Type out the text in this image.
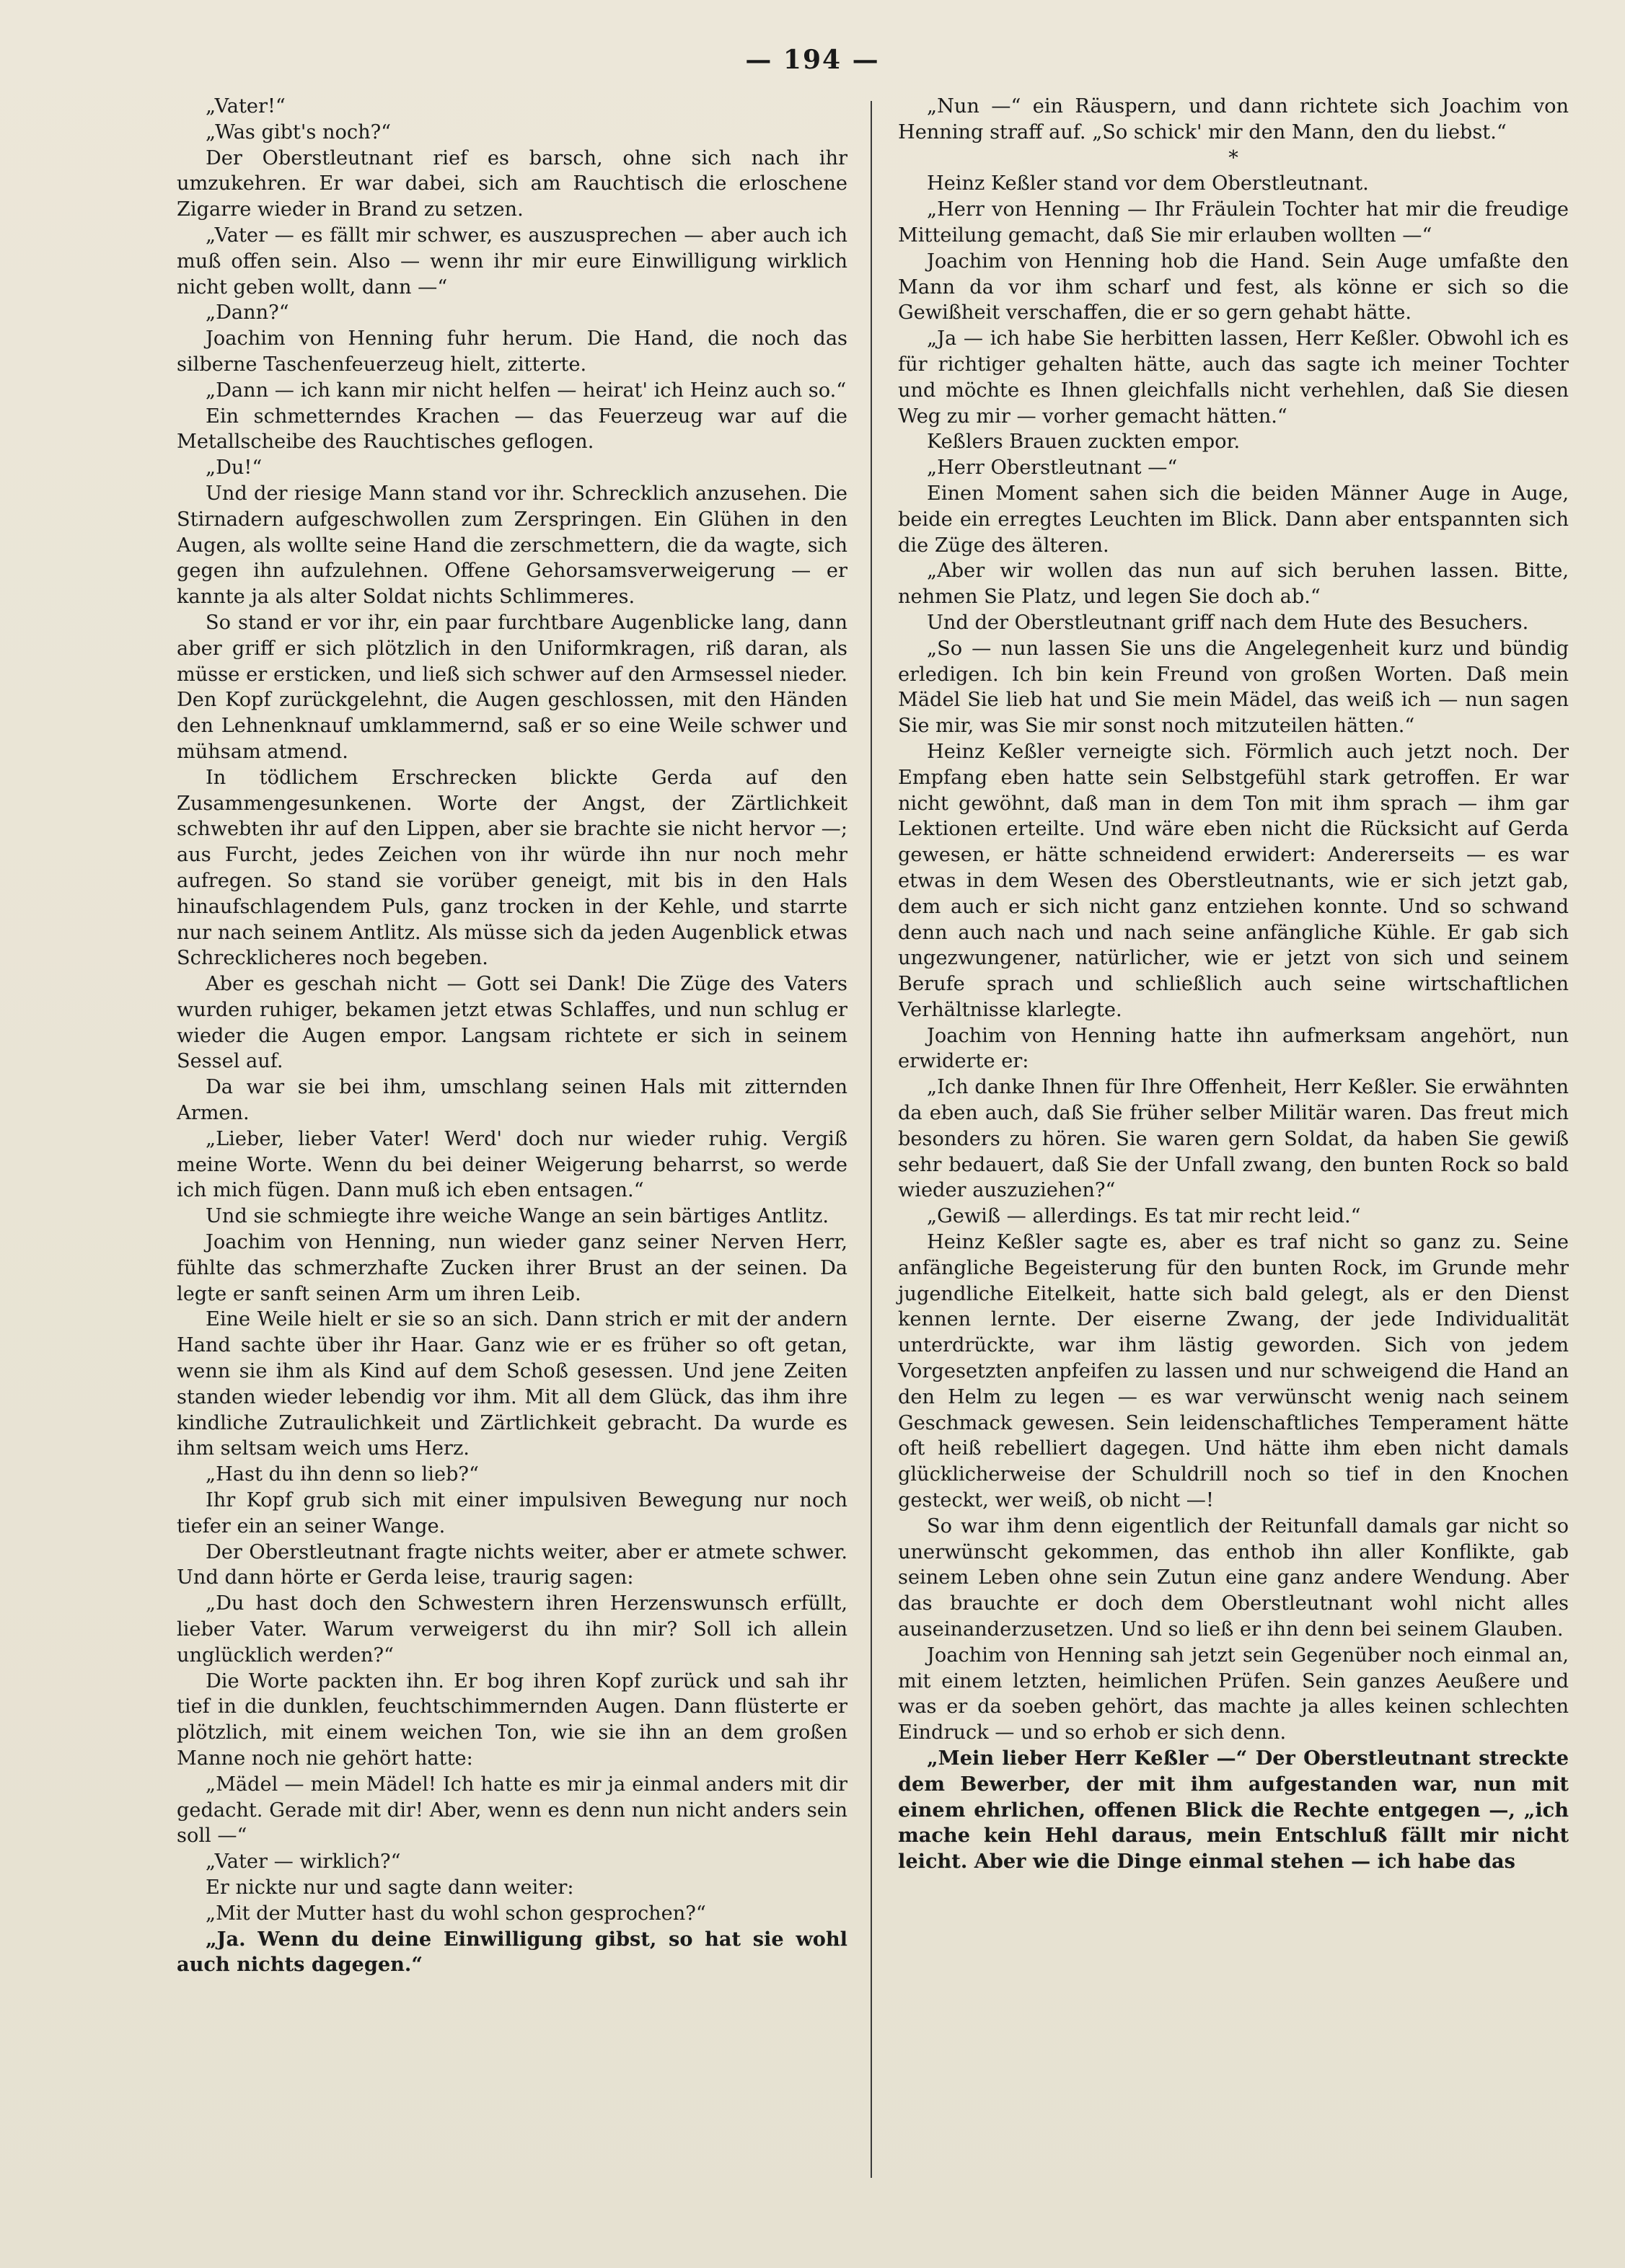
— 194 —

„Vater!“

„Was gibt's noch?“

Der Oberstleutnant rief es barsch, ohne sich nach ihr umzukehren. Er war dabei, sich am Rauchtisch die erloschene Zigarre wieder in Brand zu setzen.

„Vater — es fällt mir schwer, es auszusprechen — aber auch ich muß offen sein. Also — wenn ihr mir eure Einwilligung wirklich nicht geben wollt, dann —“

„Dann?“

Joachim von Henning fuhr herum. Die Hand, die noch das silberne Taschenfeuerzeug hielt, zitterte.

„Dann — ich kann mir nicht helfen — heirat' ich Heinz auch so.“

Ein schmetterndes Krachen — das Feuerzeug war auf die Metallscheibe des Rauchtisches geflogen.

„Du!“

Und der riesige Mann stand vor ihr. Schrecklich anzusehen. Die Stirnadern aufgeschwollen zum Zerspringen. Ein Glühen in den Augen, als wollte seine Hand die zerschmettern, die da wagte, sich gegen ihn aufzulehnen. Offene Gehorsamsverweigerung — er kannte ja als alter Soldat nichts Schlimmeres.

So stand er vor ihr, ein paar furchtbare Augenblicke lang, dann aber griff er sich plötzlich in den Uniformkragen, riß daran, als müsse er ersticken, und ließ sich schwer auf den Armsessel nieder. Den Kopf zurückgelehnt, die Augen geschlossen, mit den Händen den Lehnenknauf umklammernd, saß er so eine Weile schwer und mühsam atmend.

In tödlichem Erschrecken blickte Gerda auf den Zusammengesunkenen. Worte der Angst, der Zärtlichkeit schwebten ihr auf den Lippen, aber sie brachte sie nicht hervor —; aus Furcht, jedes Zeichen von ihr würde ihn nur noch mehr aufregen. So stand sie vorüber geneigt, mit bis in den Hals hinaufschlagendem Puls, ganz trocken in der Kehle, und starrte nur nach seinem Antlitz. Als müsse sich da jeden Augenblick etwas Schrecklicheres noch begeben.

Aber es geschah nicht — Gott sei Dank! Die Züge des Vaters wurden ruhiger, bekamen jetzt etwas Schlaffes, und nun schlug er wieder die Augen empor. Langsam richtete er sich in seinem Sessel auf.

Da war sie bei ihm, umschlang seinen Hals mit zitternden Armen.

„Lieber, lieber Vater! Werd' doch nur wieder ruhig. Vergiß meine Worte. Wenn du bei deiner Weigerung beharrst, so werde ich mich fügen. Dann muß ich eben entsagen.“

Und sie schmiegte ihre weiche Wange an sein bärtiges Antlitz.

Joachim von Henning, nun wieder ganz seiner Nerven Herr, fühlte das schmerzhafte Zucken ihrer Brust an der seinen. Da legte er sanft seinen Arm um ihren Leib.

Eine Weile hielt er sie so an sich. Dann strich er mit der andern Hand sachte über ihr Haar. Ganz wie er es früher so oft getan, wenn sie ihm als Kind auf dem Schoß gesessen. Und jene Zeiten standen wieder lebendig vor ihm. Mit all dem Glück, das ihm ihre kindliche Zutraulichkeit und Zärtlichkeit gebracht. Da wurde es ihm seltsam weich ums Herz.

„Hast du ihn denn so lieb?“

Ihr Kopf grub sich mit einer impulsiven Bewegung nur noch tiefer ein an seiner Wange.

Der Oberstleutnant fragte nichts weiter, aber er atmete schwer. Und dann hörte er Gerda leise, traurig sagen:

„Du hast doch den Schwestern ihren Herzenswunsch erfüllt, lieber Vater. Warum verweigerst du ihn mir? Soll ich allein unglücklich werden?“

Die Worte packten ihn. Er bog ihren Kopf zurück und sah ihr tief in die dunklen, feuchtschimmernden Augen. Dann flüsterte er plötzlich, mit einem weichen Ton, wie sie ihn an dem großen Manne noch nie gehört hatte:

„Mädel — mein Mädel! Ich hatte es mir ja einmal anders mit dir gedacht. Gerade mit dir! Aber, wenn es denn nun nicht anders sein soll —“

„Vater — wirklich?“

Er nickte nur und sagte dann weiter:

„Mit der Mutter hast du wohl schon gesprochen?“

„Ja. Wenn du deine Einwilligung gibst, so hat sie wohl auch nichts dagegen.“

„Nun —“ ein Räuspern, und dann richtete sich Joachim von Henning straff auf. „So schick' mir den Mann, den du liebst.“

*

Heinz Keßler stand vor dem Oberstleutnant.

„Herr von Henning — Ihr Fräulein Tochter hat mir die freudige Mitteilung gemacht, daß Sie mir erlauben wollten —“

Joachim von Henning hob die Hand. Sein Auge umfaßte den Mann da vor ihm scharf und fest, als könne er sich so die Gewißheit verschaffen, die er so gern gehabt hätte.

„Ja — ich habe Sie herbitten lassen, Herr Keßler. Obwohl ich es für richtiger gehalten hätte, auch das sagte ich meiner Tochter und möchte es Ihnen gleichfalls nicht verhehlen, daß Sie diesen Weg zu mir — vorher gemacht hätten.“

Keßlers Brauen zuckten empor.

„Herr Oberstleutnant —“

Einen Moment sahen sich die beiden Männer Auge in Auge, beide ein erregtes Leuchten im Blick. Dann aber entspannten sich die Züge des älteren.

„Aber wir wollen das nun auf sich beruhen lassen. Bitte, nehmen Sie Platz, und legen Sie doch ab.“

Und der Oberstleutnant griff nach dem Hute des Besuchers.

„So — nun lassen Sie uns die Angelegenheit kurz und bündig erledigen. Ich bin kein Freund von großen Worten. Daß mein Mädel Sie lieb hat und Sie mein Mädel, das weiß ich — nun sagen Sie mir, was Sie mir sonst noch mitzuteilen hätten.“

Heinz Keßler verneigte sich. Förmlich auch jetzt noch. Der Empfang eben hatte sein Selbstgefühl stark getroffen. Er war nicht gewöhnt, daß man in dem Ton mit ihm sprach — ihm gar Lektionen erteilte. Und wäre eben nicht die Rücksicht auf Gerda gewesen, er hätte schneidend erwidert: Andererseits — es war etwas in dem Wesen des Oberstleutnants, wie er sich jetzt gab, dem auch er sich nicht ganz entziehen konnte. Und so schwand denn auch nach und nach seine anfängliche Kühle. Er gab sich ungezwungener, natürlicher, wie er jetzt von sich und seinem Berufe sprach und schließlich auch seine wirtschaftlichen Verhältnisse klarlegte.

Joachim von Henning hatte ihn aufmerksam angehört, nun erwiderte er:

„Ich danke Ihnen für Ihre Offenheit, Herr Keßler. Sie erwähnten da eben auch, daß Sie früher selber Militär waren. Das freut mich besonders zu hören. Sie waren gern Soldat, da haben Sie gewiß sehr bedauert, daß Sie der Unfall zwang, den bunten Rock so bald wieder auszuziehen?“

„Gewiß — allerdings. Es tat mir recht leid.“

Heinz Keßler sagte es, aber es traf nicht so ganz zu. Seine anfängliche Begeisterung für den bunten Rock, im Grunde mehr jugendliche Eitelkeit, hatte sich bald gelegt, als er den Dienst kennen lernte. Der eiserne Zwang, der jede Individualität unterdrückte, war ihm lästig geworden. Sich von jedem Vorgesetzten anpfeifen zu lassen und nur schweigend die Hand an den Helm zu legen — es war verwünscht wenig nach seinem Geschmack gewesen. Sein leidenschaftliches Temperament hätte oft heiß rebelliert dagegen. Und hätte ihm eben nicht damals glücklicherweise der Schuldrill noch so tief in den Knochen gesteckt, wer weiß, ob nicht —!

So war ihm denn eigentlich der Reitunfall damals gar nicht so unerwünscht gekommen, das enthob ihn aller Konflikte, gab seinem Leben ohne sein Zutun eine ganz andere Wendung. Aber das brauchte er doch dem Oberstleutnant wohl nicht alles auseinanderzusetzen. Und so ließ er ihn denn bei seinem Glauben.

Joachim von Henning sah jetzt sein Gegenüber noch einmal an, mit einem letzten, heimlichen Prüfen. Sein ganzes Aeußere und was er da soeben gehört, das machte ja alles keinen schlechten Eindruck — und so erhob er sich denn.

„Mein lieber Herr Keßler —“ Der Oberstleutnant streckte dem Bewerber, der mit ihm aufgestanden war, nun mit einem ehrlichen, offenen Blick die Rechte entgegen —, „ich mache kein Hehl daraus, mein Entschluß fällt mir nicht leicht. Aber wie die Dinge einmal stehen — ich habe das
